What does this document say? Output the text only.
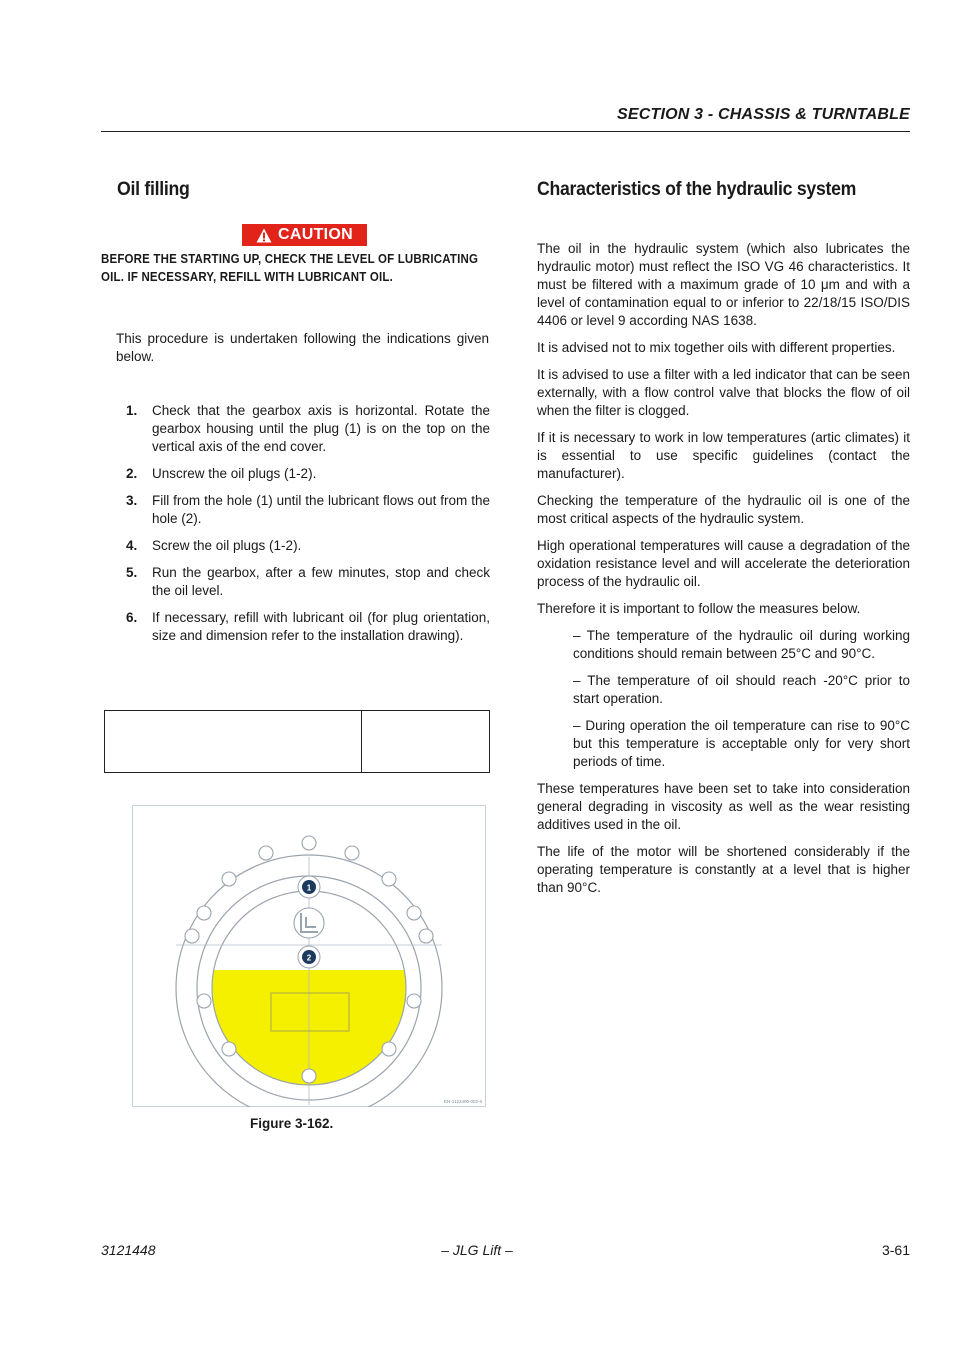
SECTION 3 - CHASSIS & TURNTABLE
Oil filling
CAUTION
BEFORE THE STARTING UP, CHECK THE LEVEL OF LUBRICATING OIL. IF NECESSARY, REFILL WITH LUBRICANT OIL.
This procedure is undertaken following the indications given below.
1.	Check that the gearbox axis is horizontal. Rotate the gearbox housing until the plug (1) is on the top on the vertical axis of the end cover.
2.	Unscrew the oil plugs (1-2).
3.	Fill from the hole (1) until the lubricant flows out from the hole (2).
4.	Screw the oil plugs (1-2).
5.	Run the gearbox, after a few minutes, stop and check the oil level.
6.	If necessary, refill with lubricant oil (for plug orientation, size and dimension refer to the installation drawing).
1
2
EN-1122400-002-II
Figure 3-162.
Characteristics of the hydraulic system

The oil in the hydraulic system (which also lubricates the hydraulic motor) must reflect the ISO VG 46 characteristics. It must be filtered with a maximum grade of 10 μm and with a level of contamination equal to or inferior to 22/18/15 ISO/DIS 4406 or level 9 according NAS 1638.

It is advised not to mix together oils with different properties.

It is advised to use a filter with a led indicator that can be seen externally, with a flow control valve that blocks the flow of oil when the filter is clogged.

If it is necessary to work in low temperatures (artic climates) it is essential to use specific guidelines (contact the manufacturer).

Checking the temperature of the hydraulic oil is one of the most critical aspects of the hydraulic system.

High operational temperatures will cause a degradation of the oxidation resistance level and will accelerate the deterioration process of the hydraulic oil.

Therefore it is important to follow the measures below.

– The temperature of the hydraulic oil during working conditions should remain between 25°C and 90°C.

– The temperature of oil should reach -20°C prior to start operation.

– During operation the oil temperature can rise to 90°C but this temperature is acceptable only for very short periods of time.

These temperatures have been set to take into consideration general degrading in viscosity as well as the wear resisting additives used in the oil.

The life of the motor will be shortened considerably if the operating temperature is constantly at a level that is higher than 90°C.

3121448	– JLG Lift –	3-61
